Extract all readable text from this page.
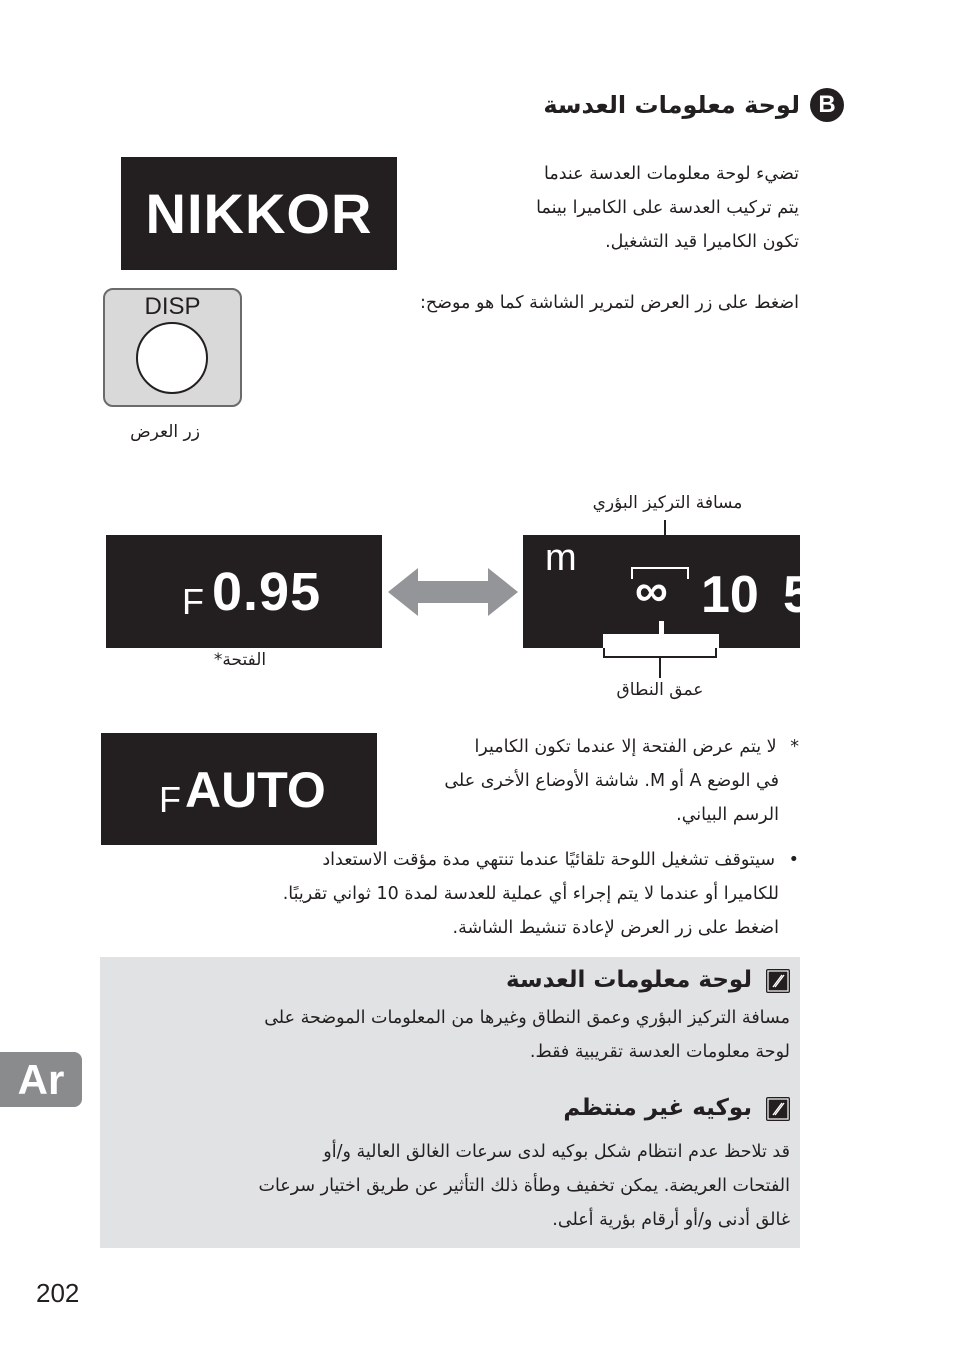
B
لوحة معلومات العدسة
NIKKOR
تضيء لوحة معلومات العدسة عندما
يتم تركيب العدسة على الكاميرا بينما
تكون الكاميرا قيد التشغيل.
DISP
زر العرض
اضغط على زر العرض لتمرير الشاشة كما هو موضح:
مسافة التركيز البؤري
F 0.95
الفتحة*
m
∞ 10 5
عمق النطاق
F AUTO
* لا يتم عرض الفتحة إلا عندما تكون الكاميرا
في الوضع A أو M. شاشة الأوضاع الأخرى على
الرسم البياني.
• سيتوقف تشغيل اللوحة تلقائيًا عندما تنتهي مدة مؤقت الاستعداد
للكاميرا أو عندما لا يتم إجراء أي عملية للعدسة لمدة 10 ثواني تقريبًا.
اضغط على زر العرض لإعادة تنشيط الشاشة.
لوحة معلومات العدسة
مسافة التركيز البؤري وعمق النطاق وغيرها من المعلومات الموضحة على
لوحة معلومات العدسة تقريبية فقط.
بوكيه غير منتظم
قد تلاحظ عدم انتظام شكل بوكيه لدى سرعات الغالق العالية و/أو
الفتحات العريضة. يمكن تخفيف وطأة ذلك التأثير عن طريق اختيار سرعات
غالق أدنى و/أو أرقام بؤرية أعلى.
Ar
202
